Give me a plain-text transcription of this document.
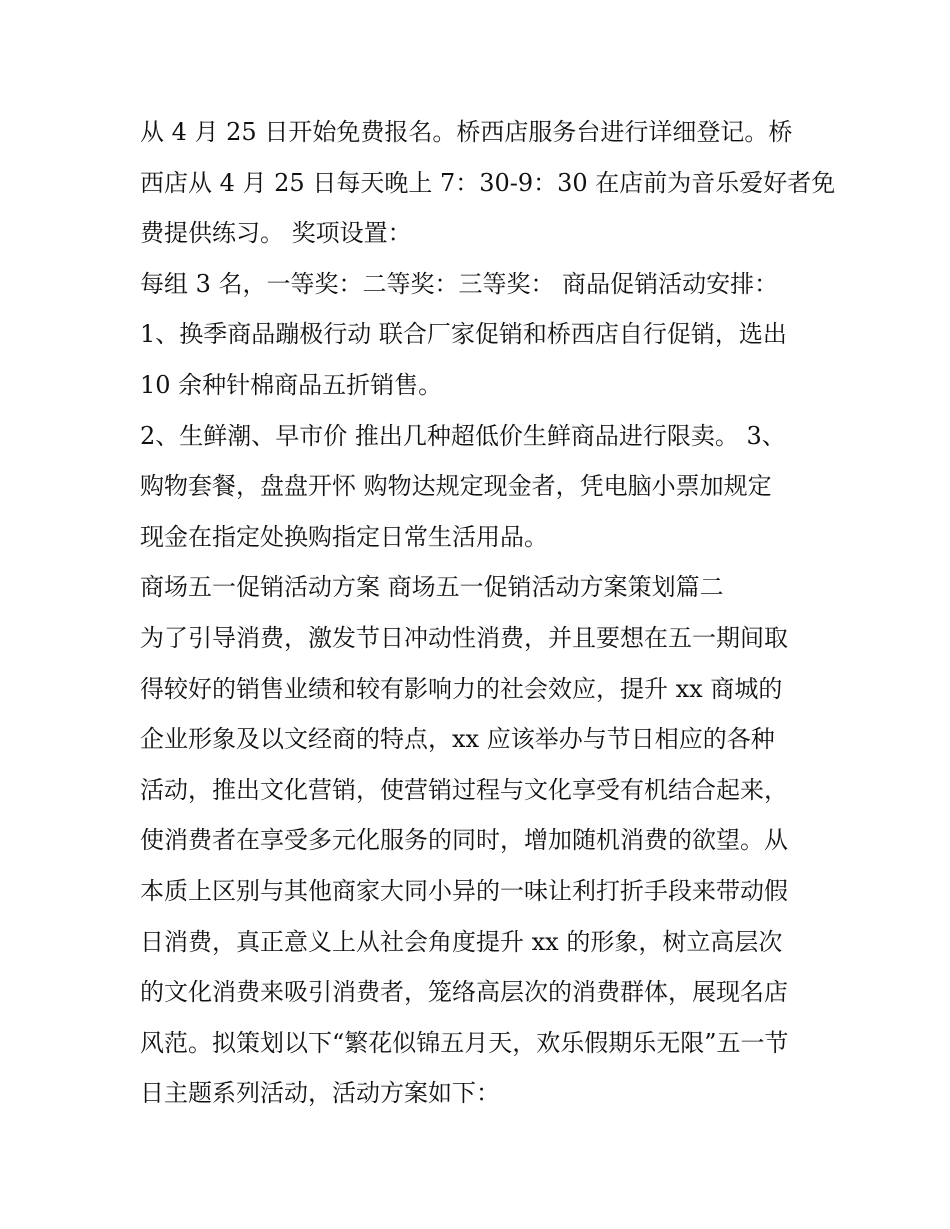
从 4 月 25 日开始免费报名。桥西店服务台进行详细登记。桥
西店从 4 月 25 日每天晚上 7：30-9：30 在店前为音乐爱好者免
费提供练习。 奖项设置：
每组 3 名，一等奖：二等奖：三等奖： 商品促销活动安排：
1、换季商品蹦极行动 联合厂家促销和桥西店自行促销，选出
10 余种针棉商品五折销售。
2、生鲜潮、早市价 推出几种超低价生鲜商品进行限卖。 3、
购物套餐，盘盘开怀 购物达规定现金者，凭电脑小票加规定
现金在指定处换购指定日常生活用品。
商场五一促销活动方案 商场五一促销活动方案策划篇二
为了引导消费，激发节日冲动性消费，并且要想在五一期间取
得较好的销售业绩和较有影响力的社会效应，提升 xx 商城的
企业形象及以文经商的特点，xx 应该举办与节日相应的各种
活动，推出文化营销，使营销过程与文化享受有机结合起来，
使消费者在享受多元化服务的同时，增加随机消费的欲望。从
本质上区别与其他商家大同小异的一味让利打折手段来带动假
日消费，真正意义上从社会角度提升 xx 的形象，树立高层次
的文化消费来吸引消费者，笼络高层次的消费群体，展现名店
风范。拟策划以下“繁花似锦五月天，欢乐假期乐无限”五一节
日主题系列活动，活动方案如下：
